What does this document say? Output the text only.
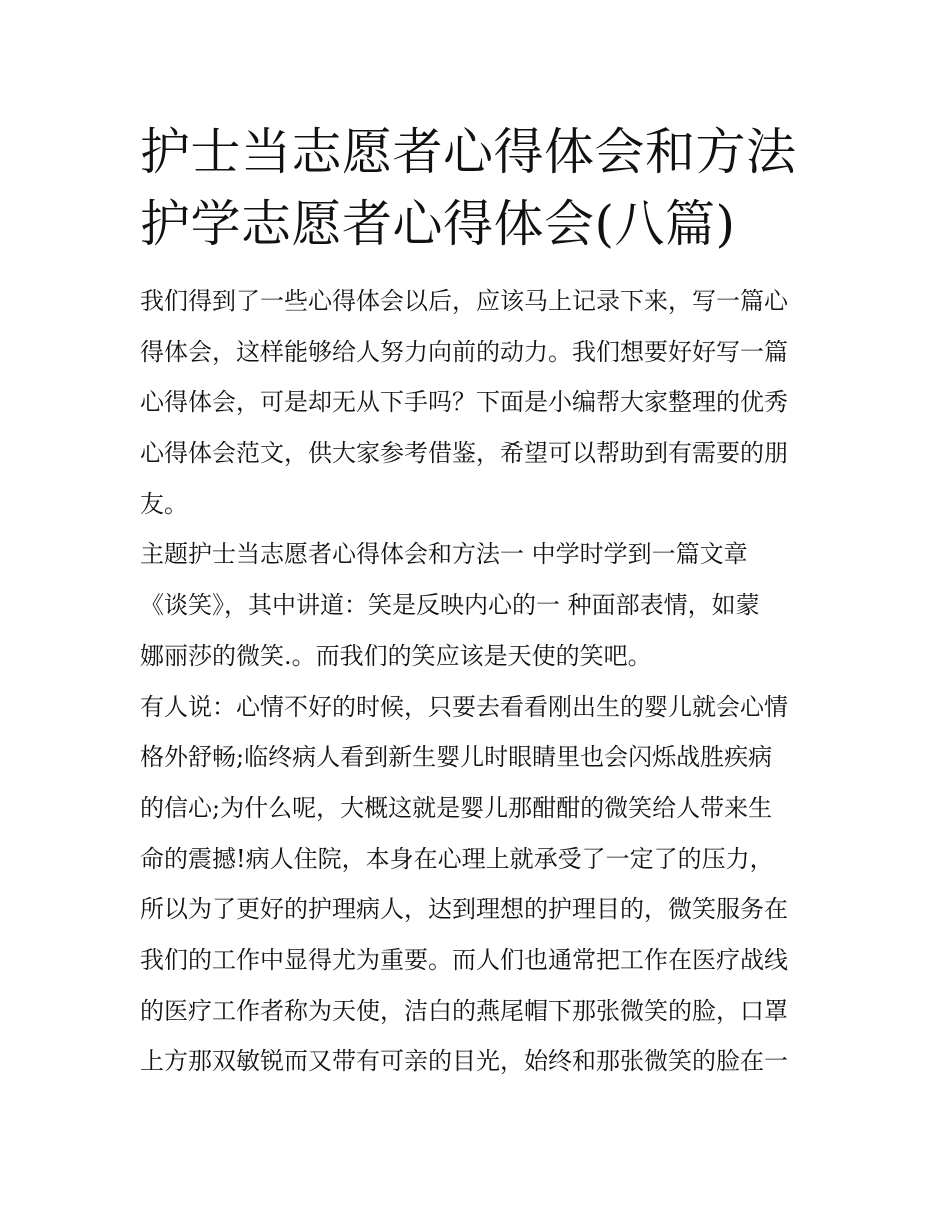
护士当志愿者心得体会和方法
护学志愿者心得体会(八篇)
我们得到了一些心得体会以后，应该马上记录下来，写一篇心
得体会，这样能够给人努力向前的动力。我们想要好好写一篇
心得体会，可是却无从下手吗？下面是小编帮大家整理的优秀
心得体会范文，供大家参考借鉴，希望可以帮助到有需要的朋
友。
主题护士当志愿者心得体会和方法一 中学时学到一篇文章
《谈笑》，其中讲道：笑是反映内心的一 种面部表情，如蒙
娜丽莎的微笑.。而我们的笑应该是天使的笑吧。
有人说：心情不好的时候，只要去看看刚出生的婴儿就会心情
格外舒畅;临终病人看到新生婴儿时眼睛里也会闪烁战胜疾病
的信心;为什么呢，大概这就是婴儿那酣酣的微笑给人带来生
命的震撼!病人住院，本身在心理上就承受了一定了的压力，
所以为了更好的护理病人，达到理想的护理目的，微笑服务在
我们的工作中显得尤为重要。而人们也通常把工作在医疗战线
的医疗工作者称为天使，洁白的燕尾帽下那张微笑的脸，口罩
上方那双敏锐而又带有可亲的目光，始终和那张微笑的脸在一
